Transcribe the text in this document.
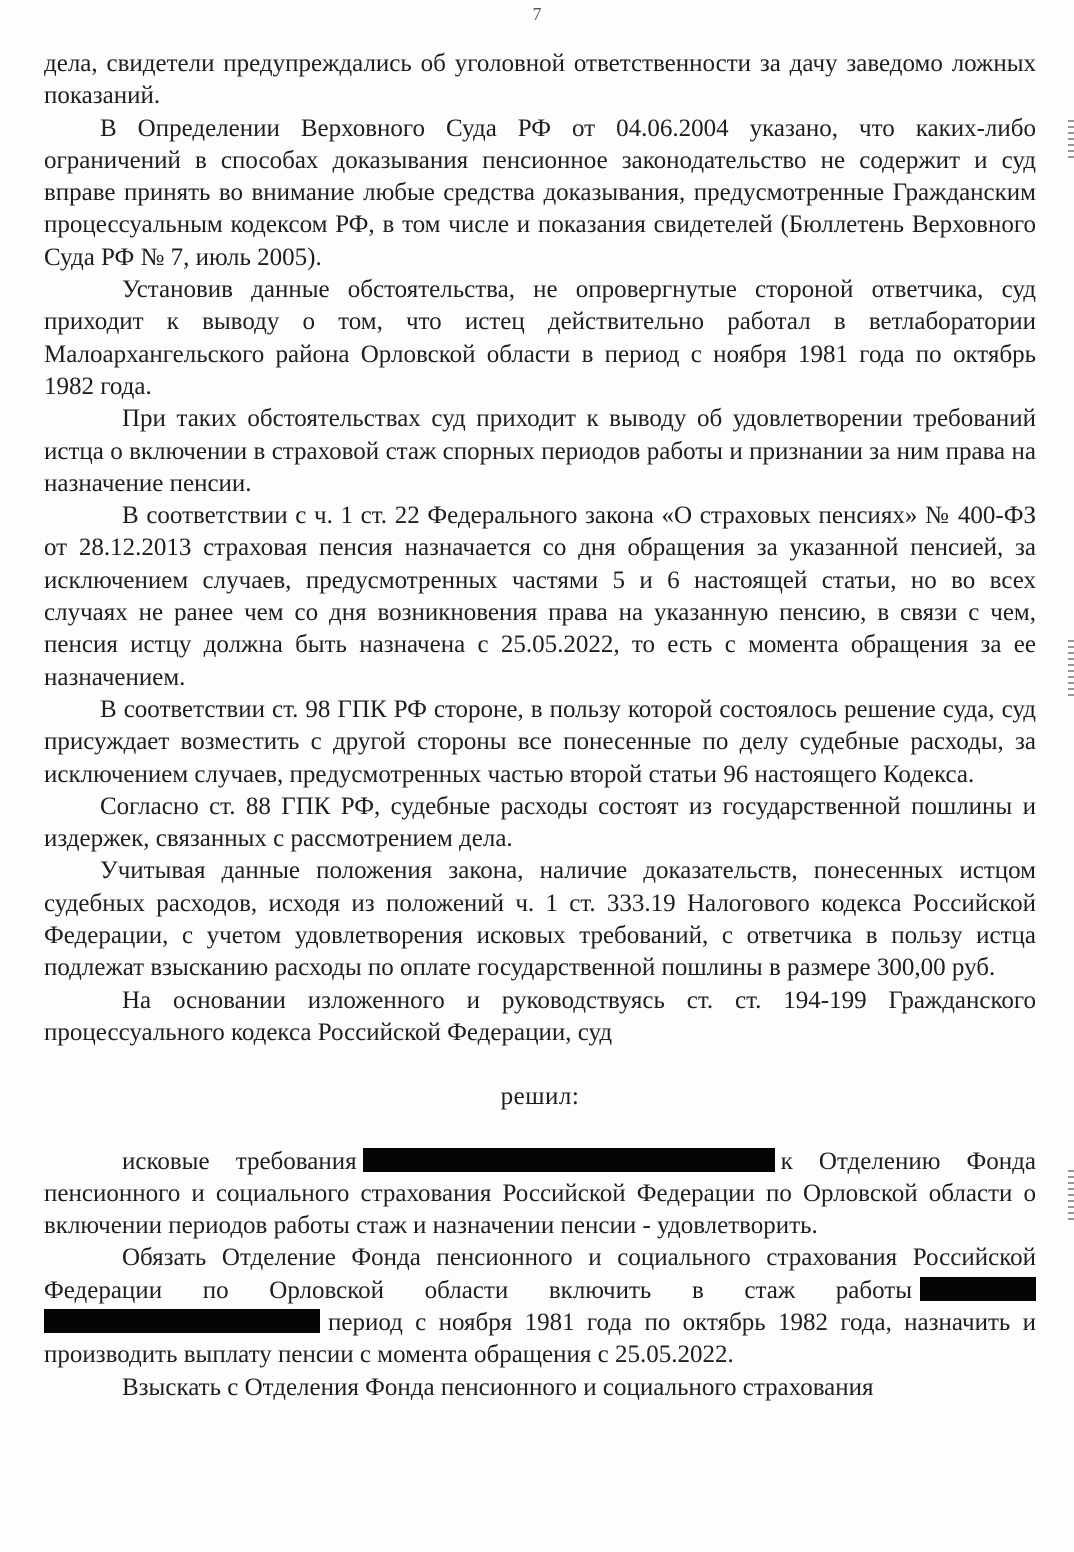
7

дела, свидетели предупреждались об уголовной ответственности за дачу заведомо ложных показаний.

В Определении Верховного Суда РФ от 04.06.2004 указано, что каких-либо ограничений в способах доказывания пенсионное законодательство не содержит и суд вправе принять во внимание любые средства доказывания, предусмотренные Гражданским процессуальным кодексом РФ, в том числе и показания свидетелей (Бюллетень Верховного Суда РФ № 7, июль 2005).

Установив данные обстоятельства, не опровергнутые стороной ответчика, суд приходит к выводу о том, что истец действительно работал в ветлаборатории Малоархангельского района Орловской области в период с ноября 1981 года по октябрь 1982 года.

При таких обстоятельствах суд приходит к выводу об удовлетворении требований истца о включении в страховой стаж спорных периодов работы и признании за ним права на назначение пенсии.

В соответствии с ч. 1 ст. 22 Федерального закона «О страховых пенсиях» № 400-ФЗ от 28.12.2013 страховая пенсия назначается со дня обращения за указанной пенсией, за исключением случаев, предусмотренных частями 5 и 6 настоящей статьи, но во всех случаях не ранее чем со дня возникновения права на указанную пенсию, в связи с чем, пенсия истцу должна быть назначена с 25.05.2022, то есть с момента обращения за ее назначением.

В соответствии ст. 98 ГПК РФ стороне, в пользу которой состоялось решение суда, суд присуждает возместить с другой стороны все понесенные по делу судебные расходы, за исключением случаев, предусмотренных частью второй статьи 96 настоящего Кодекса.

Согласно ст. 88 ГПК РФ, судебные расходы состоят из государственной пошлины и издержек, связанных с рассмотрением дела.

Учитывая данные положения закона, наличие доказательств, понесенных истцом судебных расходов, исходя из положений ч. 1 ст. 333.19 Налогового кодекса Российской Федерации, с учетом удовлетворения исковых требований, с ответчика в пользу истца подлежат взысканию расходы по оплате государственной пошлины в размере 300,00 руб.

На основании изложенного и руководствуясь ст. ст. 194-199 Гражданского процессуального кодекса Российской Федерации, суд

решил:

исковые требования	к Отделению Фонда пенсионного и социального страхования Российской Федерации по Орловской области о включении периодов работы стаж и назначении пенсии - удовлетворить.

Обязать Отделение Фонда пенсионного и социального страхования Российской Федерации по Орловской области включить в стаж работы период с ноября 1981 года по октябрь 1982 года, назначить и производить выплату пенсии с момента обращения с 25.05.2022.

Взыскать с Отделения Фонда пенсионного и социального страхования
